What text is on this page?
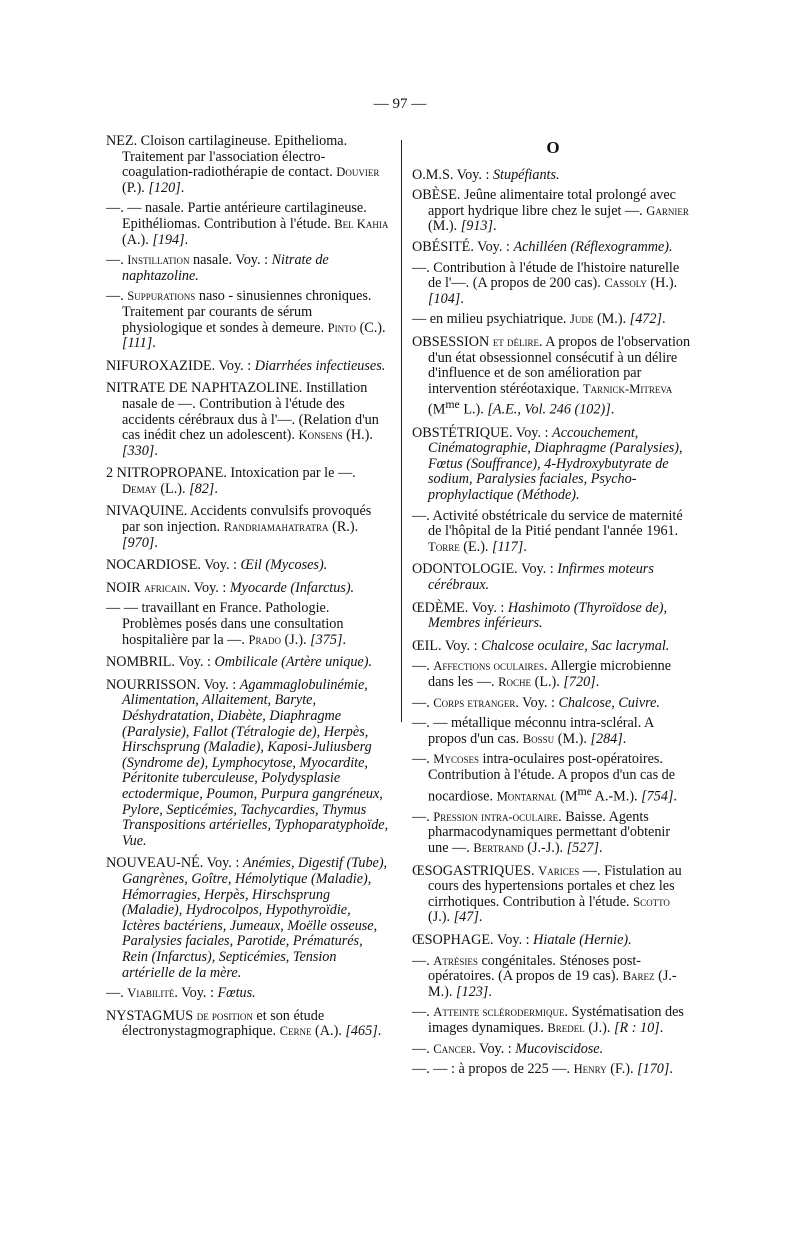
— 97 —

NEZ. Cloison cartilagineuse. Epithelioma. Traitement par l'association électro-coagulation-radiothérapie de contact. Douvier (P.). [120].

—. — nasale. Partie antérieure cartilagineuse. Epithéliomas. Contribution à l'étude. Bel Kahia (A.). [194].

—. Instillation nasale. Voy. : Nitrate de naphtazoline.

—. Suppurations naso - sinusiennes chroniques. Traitement par courants de sérum physiologique et sondes à demeure. Pinto (C.). [111].

NIFUROXAZIDE. Voy. : Diarrhées infectieuses.

NITRATE DE NAPHTAZOLINE. Instillation nasale de —. Contribution à l'étude des accidents cérébraux dus à l'—. (Relation d'un cas inédit chez un adolescent). Konsens (H.). [330].

2 NITROPROPANE. Intoxication par le —. Demay (L.). [82].

NIVAQUINE. Accidents convulsifs provoqués par son injection. Randriamahatratra (R.). [970].

NOCARDIOSE. Voy. : Œil (Mycoses).

NOIR africain. Voy. : Myocarde (Infarctus).

— — travaillant en France. Pathologie. Problèmes posés dans une consultation hospitalière par la —. Prado (J.). [375].

NOMBRIL. Voy. : Ombilicale (Artère unique).

NOURRISSON. Voy. : Agammaglobulinémie, Alimentation, Allaitement, Baryte, Déshydratation, Diabète, Diaphragme (Paralysie), Fallot (Tétralogie de), Herpès, Hirschsprung (Maladie), Kaposi-Juliusberg (Syndrome de), Lymphocytose, Myocardite, Péritonite tuberculeuse, Polydysplasie ectodermique, Poumon, Purpura gangréneux, Pylore, Septicémies, Tachycardies, Thymus Transpositions artérielles, Typhoparatyphoïde, Vue.

NOUVEAU-NÉ. Voy. : Anémies, Digestif (Tube), Gangrènes, Goître, Hémolytique (Maladie), Hémorragies, Herpès, Hirschsprung (Maladie), Hydrocolpos, Hypothyroïdie, Ictères bactériens, Jumeaux, Moëlle osseuse, Paralysies faciales, Parotide, Prématurés, Rein (Infarctus), Septicémies, Tension artérielle de la mère.

—. Viabilité. Voy. : Fœtus.

NYSTAGMUS de position et son étude électronystagmographique. Cerne (A.). [465].

O

O.M.S. Voy. : Stupéfiants.

OBÈSE. Jeûne alimentaire total prolongé avec apport hydrique libre chez le sujet —. Garnier (M.). [913].

OBÉSITÉ. Voy. : Achilléen (Réflexogramme).

—. Contribution à l'étude de l'histoire naturelle de l'—. (A propos de 200 cas). Cassoly (H.). [104].

— en milieu psychiatrique. Jude (M.). [472].

OBSESSION et délire. A propos de l'observation d'un état obsessionnel consécutif à un délire d'influence et de son amélioration par intervention stéréotaxique. Tarnick-Mitreva ($M^{me}$ L.). [A.E., Vol. 246 (102)].

OBSTÉTRIQUE. Voy. : Accouchement, Cinématographie, Diaphragme (Paralysies), Fœtus (Souffrance), 4-Hydroxybutyrate de sodium, Paralysies faciales, Psycho-prophylactique (Méthode).

—. Activité obstétricale du service de maternité de l'hôpital de la Pitié pendant l'année 1961. Torre (E.). [117].

ODONTOLOGIE. Voy. : Infirmes moteurs cérébraux.

ŒDÈME. Voy. : Hashimoto (Thyroïdose de), Membres inférieurs.

ŒIL. Voy. : Chalcose oculaire, Sac lacrymal.

—. Affections oculaires. Allergie microbienne dans les —. Roche (L.). [720].

—. Corps etranger. Voy. : Chalcose, Cuivre.

—. — métallique méconnu intra-scléral. A propos d'un cas. Bossu (M.). [284].

—. Mycoses intra-oculaires post-opératoires. Contribution à l'étude. A propos d'un cas de nocardiose. Montarnal ($M^{me}$ A.-M.). [754].

—. Pression intra-oculaire. Baisse. Agents pharmacodynamiques permettant d'obtenir une —. Bertrand (J.-J.). [527].

ŒSOGASTRIQUES. Varices —. Fistulation au cours des hypertensions portales et chez les cirrhotiques. Contribution à l'étude. Scotto (J.). [47].

ŒSOPHAGE. Voy. : Hiatale (Hernie).

—. Atrésies congénitales. Sténoses post-opératoires. (A propos de 19 cas). Barez (J.-M.). [123].

—. Atteinte sclérodermique. Systématisation des images dynamiques. Bredel (J.). [R : 10].

—. Cancer. Voy. : Mucoviscidose.

—. — : à propos de 225 —. Henry (F.). [170].
